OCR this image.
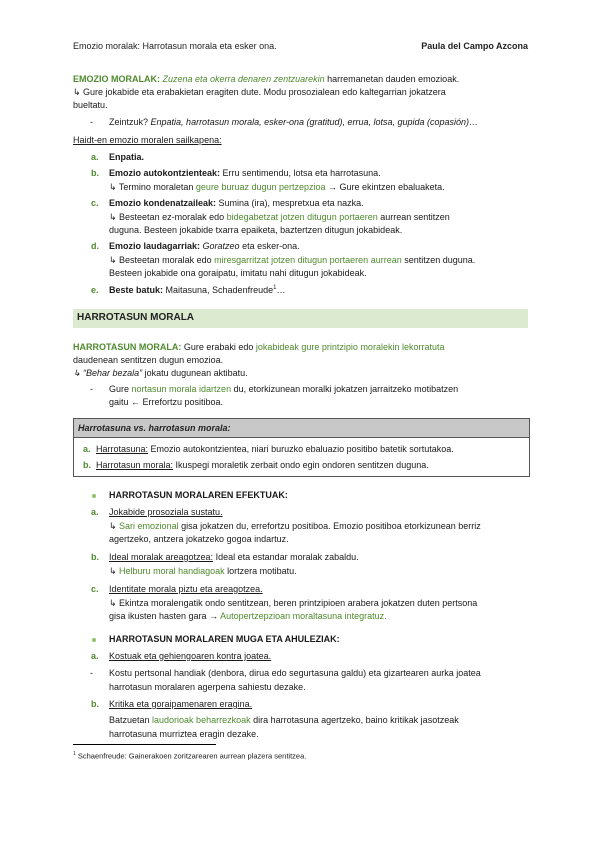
Emozio moralak: Harrotasun morala eta esker ona.	Paula del Campo Azcona
EMOZIO MORALAK: Zuzena eta okerra denaren zentzuarekin harremanetan dauden emozioak.
↳ Gure jokabide eta erabakietan eragiten dute. Modu prosozialean edo kaltegarrian jokatzera
bueltatu.
- Zeintzuk? Enpatia, harrotasun morala, esker-ona (gratitud), errua, lotsa, gupida (copasión)…
Haidt-en emozio moralen sailkapena:
a. Enpatia.
b. Emozio autokontzienteak: Erru sentimendu, lotsa eta harrotasuna.
↳ Termino moraletan geure buruaz dugun pertzepzioa → Gure ekintzen ebaluaketa.
c. Emozio kondenatzaileak: Sumina (ira), mespretxua eta nazka.
↳ Besteetan ez-moralak edo bidegabetzat jotzen ditugun portaeren aurrean sentitzen
duguna. Besteen jokabide txarra epaiketa, baztertzen ditugun jokabideak.
d. Emozio laudagarriak: Goratzeo eta esker-ona.
↳ Besteetan moralak edo miresgarritzat jotzen ditugun portaeren aurrean sentitzen duguna.
Besteen jokabide ona goraipatu, imitatu nahi ditugun jokabideak.
e. Beste batuk: Maitasuna, Schadenfreude$^1$…
HARROTASUN MORALA
HARROTASUN MORALA: Gure erabaki edo jokabideak gure printzipio moralekin lekorratuta
daudenean sentitzen dugun emozioa.
↳ “Behar bezala” jokatu dugunean aktibatu.
- Gure nortasun morala idartzen du, etorkizunean moralki jokatzen jarraitzeko motibatzen
gaitu ← Errefortzu positiboa.
Harrotasuna vs. harrotasun morala:
a. Harrotasuna: Emozio autokontzientea, niari buruzko ebaluazio positibo batetik sortutakoa.
b. Harrotasun morala: Ikuspegi moraletik zerbait ondo egin ondoren sentitzen duguna.
HARROTASUN MORALAREN EFEKTUAK:
a. Jokabide prosoziala sustatu.
↳ Sari emozional gisa jokatzen du, errefortzu positiboa. Emozio positiboa etorkizunean berriz
agertzeko, antzera jokatzeko gogoa indartuz.
b. Ideal moralak areagotzea: Ideal eta estandar moralak zabaldu.
↳ Helburu moral handiagoak lortzera motibatu.
c. Identitate morala piztu eta areagotzea.
↳ Ekintza moralengatik ondo sentitzean, beren printzipioen arabera jokatzen duten pertsona
gisa ikusten hasten gara → Autopertzepzioan moraltasuna integratuz.
HARROTASUN MORALAREN MUGA ETA AHULEZIAK:
a. Kostuak eta gehiengoaren kontra joatea.
- Kostu pertsonal handiak (denbora, dirua edo segurtasuna galdu) eta gizartearen aurka joatea
harrotasun moralaren agerpena sahiestu dezake.
b. Kritika eta goraipamenaren eragina.
Batzuetan laudorioak beharrezkoak dira harrotasuna agertzeko, baino kritikak jasotzeak
harrotasuna murriztea eragin dezake.
$^1$ Schaenfreude: Gainerakoen zoritzarearen aurrean plazera sentitzea.
